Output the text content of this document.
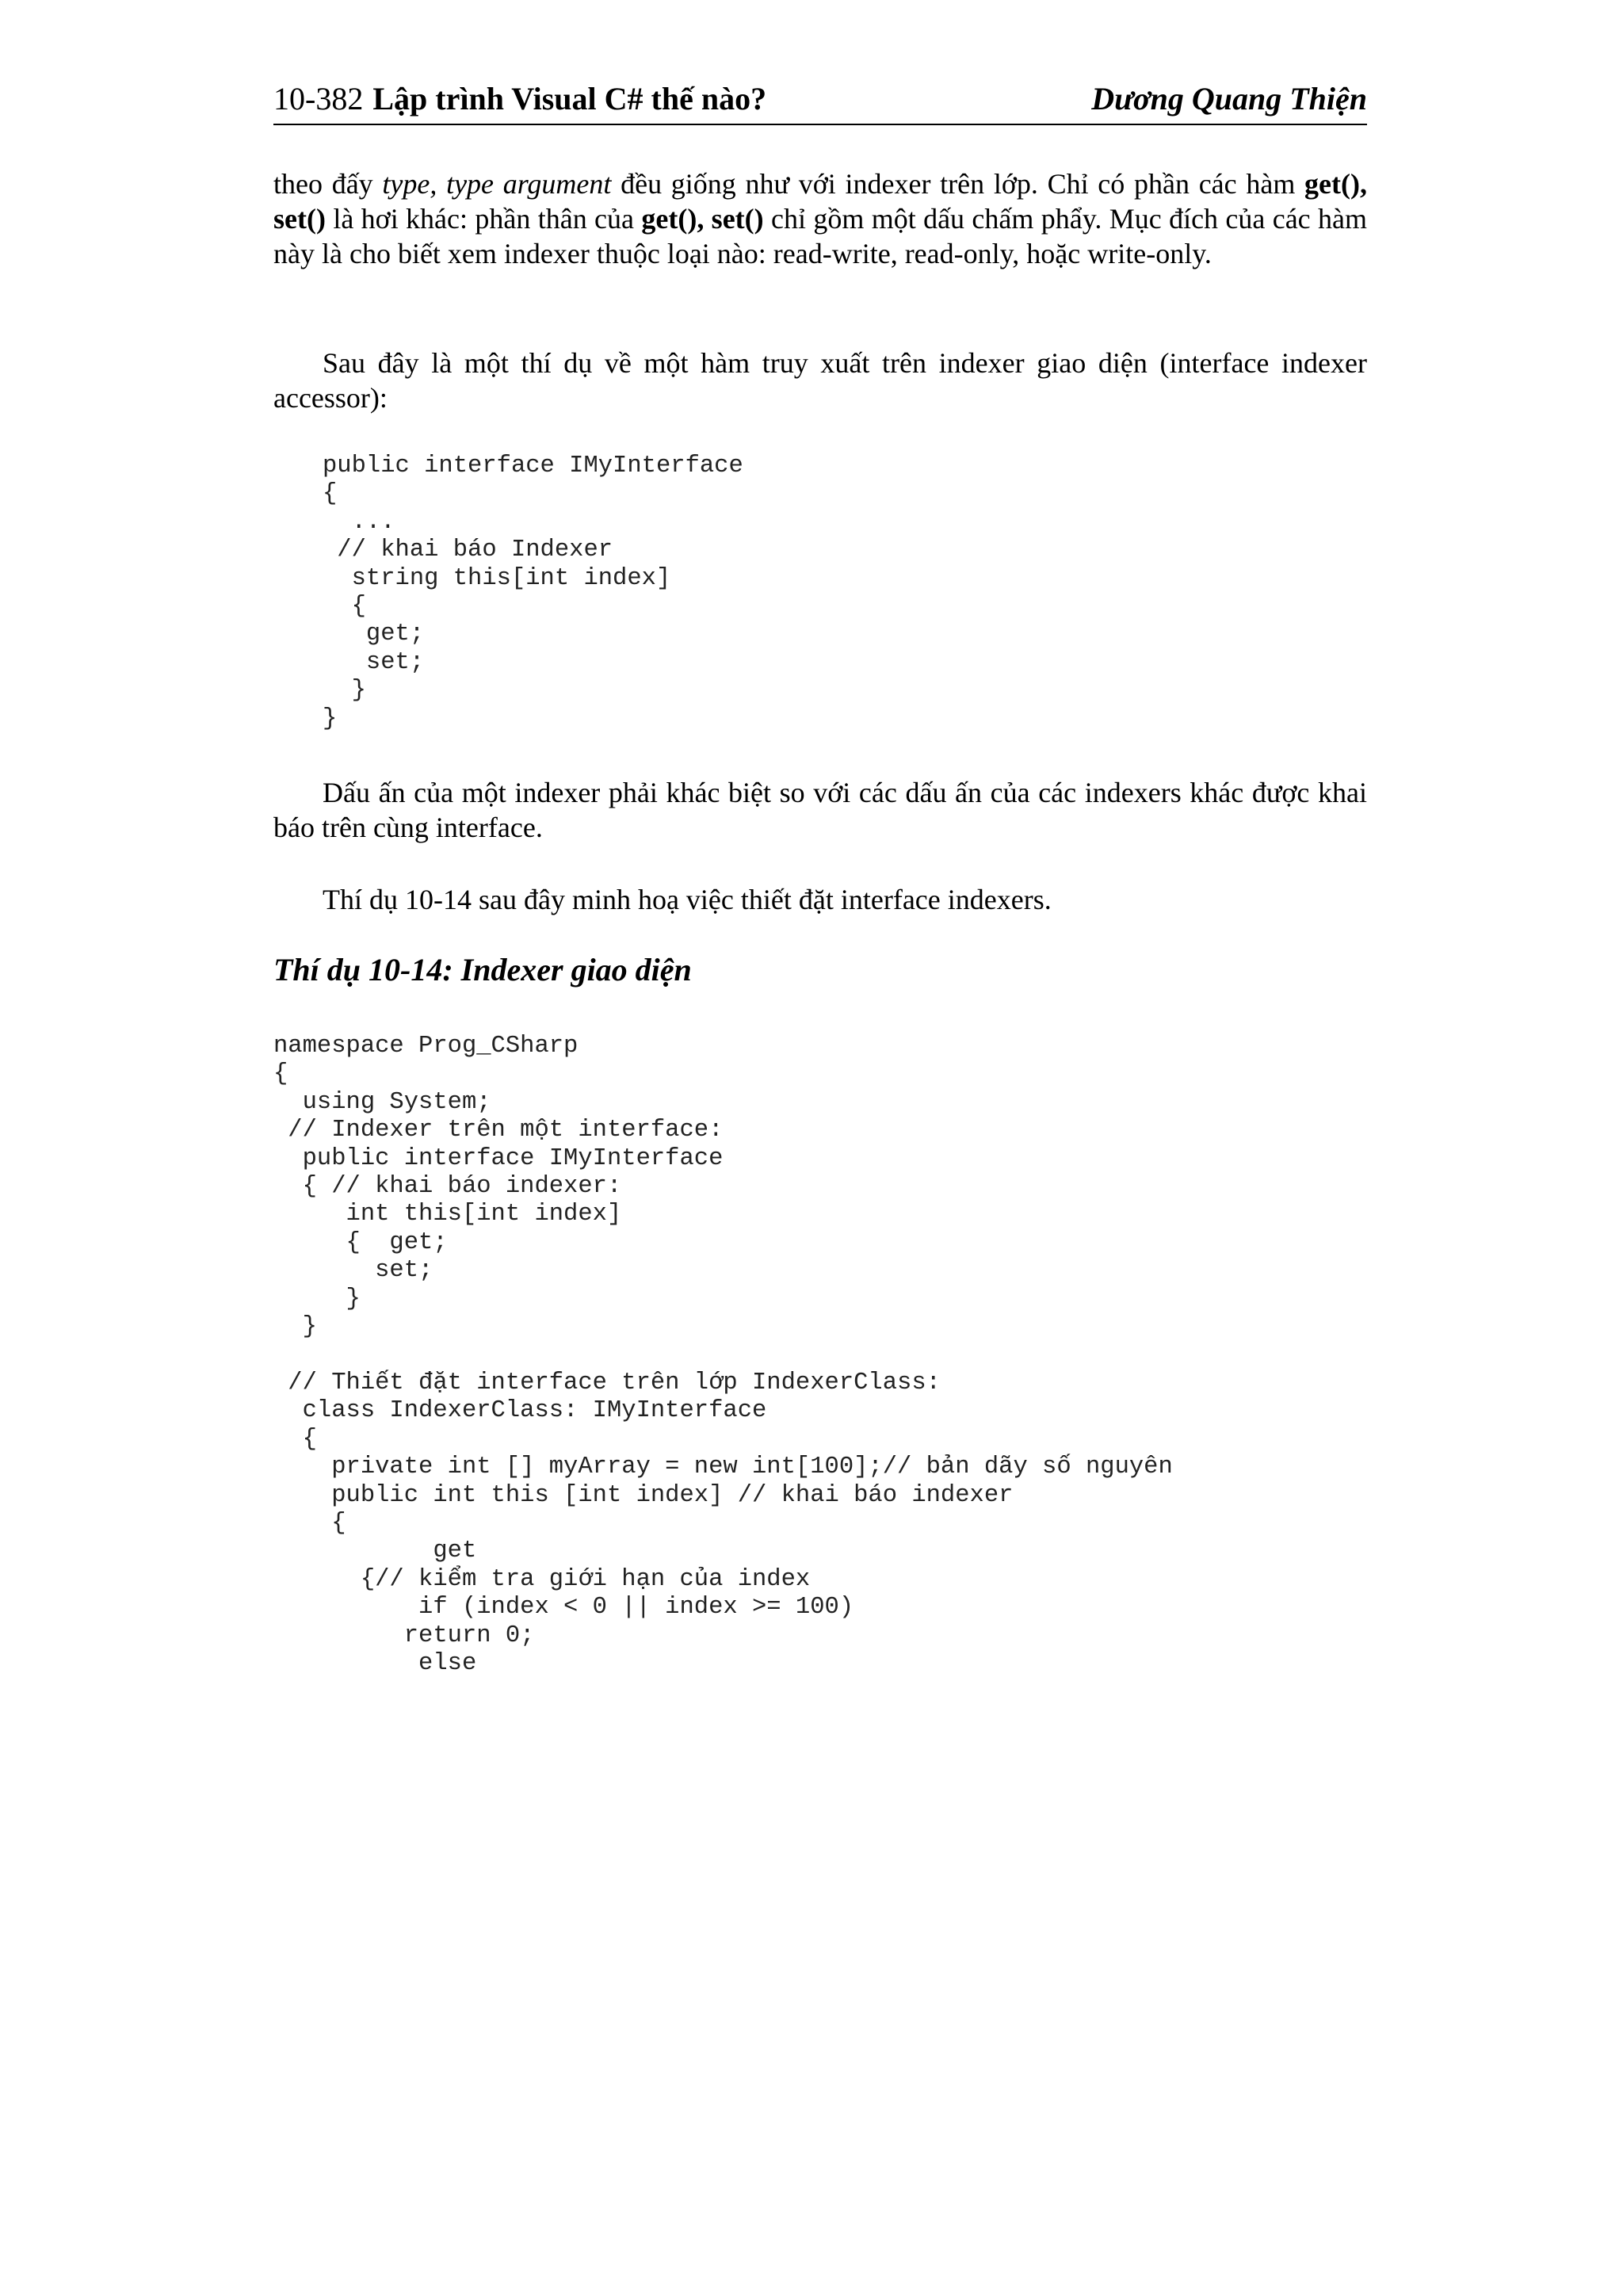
10-382 Lập trình Visual C# thế nào?	Dương Quang Thiện

theo đấy type, type argument đều giống như với indexer trên lớp. Chỉ có phần các hàm get(), set() là hơi khác: phần thân của get(), set() chỉ gồm một dấu chấm phẩy. Mục đích của các hàm này là cho biết xem indexer thuộc loại nào: read-write, read-only, hoặc write-only.

Sau đây là một thí dụ về một hàm truy xuất trên indexer giao diện (interface indexer accessor):

public interface IMyInterface
{
...
// khai báo Indexer
string this[int index]
{
get;
set;
}
}

Dấu ấn của một indexer phải khác biệt so với các dấu ấn của các indexers khác được khai báo trên cùng interface.

Thí dụ 10-14 sau đây minh hoạ việc thiết đặt interface indexers.

Thí dụ 10-14: Indexer giao diện
namespace Prog_CSharp
{
using System;
// Indexer trên một interface:
public interface IMyInterface
{ // khai báo indexer:
int this[int index]
{  get;
set;
}
}

// Thiết đặt interface trên lớp IndexerClass:
class IndexerClass: IMyInterface
{
private int [] myArray = new int[100];// bản dãy số nguyên
public int this [int index] // khai báo indexer
{
get
{// kiểm tra giới hạn của index
if (index < 0 || index >= 100)
return 0;
else
